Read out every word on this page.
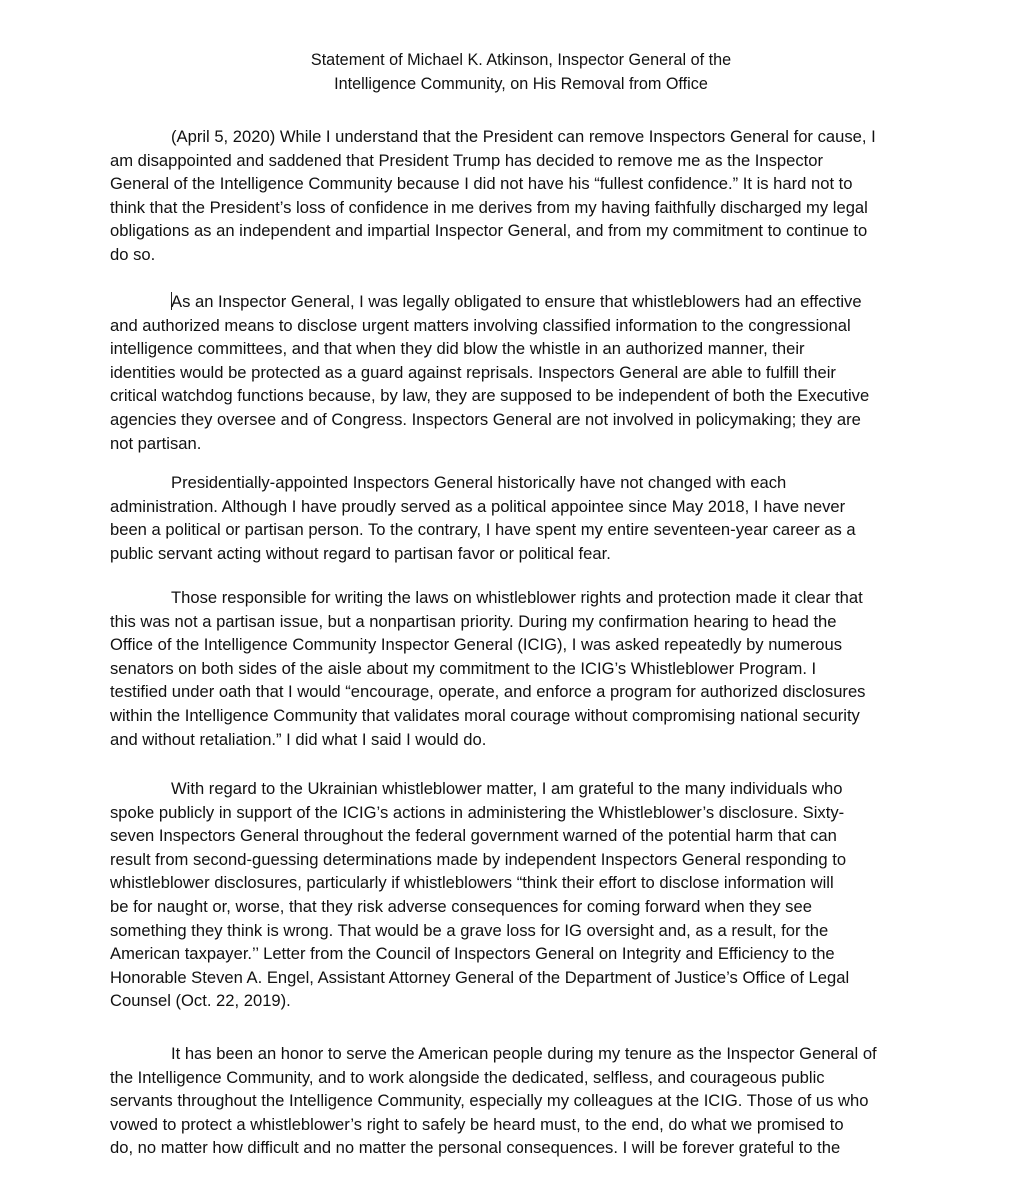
Statement of Michael K. Atkinson, Inspector General of the
Intelligence Community, on His Removal from Office

(April 5, 2020) While I understand that the President can remove Inspectors General for cause, I
am disappointed and saddened that President Trump has decided to remove me as the Inspector
General of the Intelligence Community because I did not have his “fullest confidence.” It is hard not to
think that the President’s loss of confidence in me derives from my having faithfully discharged my legal
obligations as an independent and impartial Inspector General, and from my commitment to continue to
do so.

As an Inspector General, I was legally obligated to ensure that whistleblowers had an effective
and authorized means to disclose urgent matters involving classified information to the congressional
intelligence committees, and that when they did blow the whistle in an authorized manner, their
identities would be protected as a guard against reprisals. Inspectors General are able to fulfill their
critical watchdog functions because, by law, they are supposed to be independent of both the Executive
agencies they oversee and of Congress. Inspectors General are not involved in policymaking; they are
not partisan.

Presidentially-appointed Inspectors General historically have not changed with each
administration. Although I have proudly served as a political appointee since May 2018, I have never
been a political or partisan person. To the contrary, I have spent my entire seventeen-year career as a
public servant acting without regard to partisan favor or political fear.

Those responsible for writing the laws on whistleblower rights and protection made it clear that
this was not a partisan issue, but a nonpartisan priority. During my confirmation hearing to head the
Office of the Intelligence Community Inspector General (ICIG), I was asked repeatedly by numerous
senators on both sides of the aisle about my commitment to the ICIG’s Whistleblower Program. I
testified under oath that I would “encourage, operate, and enforce a program for authorized disclosures
within the Intelligence Community that validates moral courage without compromising national security
and without retaliation.” I did what I said I would do.

With regard to the Ukrainian whistleblower matter, I am grateful to the many individuals who
spoke publicly in support of the ICIG’s actions in administering the Whistleblower’s disclosure. Sixty-
seven Inspectors General throughout the federal government warned of the potential harm that can
result from second-guessing determinations made by independent Inspectors General responding to
whistleblower disclosures, particularly if whistleblowers “think their effort to disclose information will
be for naught or, worse, that they risk adverse consequences for coming forward when they see
something they think is wrong. That would be a grave loss for IG oversight and, as a result, for the
American taxpayer.’’ Letter from the Council of Inspectors General on Integrity and Efficiency to the
Honorable Steven A. Engel, Assistant Attorney General of the Department of Justice’s Office of Legal
Counsel (Oct. 22, 2019).

It has been an honor to serve the American people during my tenure as the Inspector General of
the Intelligence Community, and to work alongside the dedicated, selfless, and courageous public
servants throughout the Intelligence Community, especially my colleagues at the ICIG. Those of us who
vowed to protect a whistleblower’s right to safely be heard must, to the end, do what we promised to
do, no matter how difficult and no matter the personal consequences. I will be forever grateful to the
